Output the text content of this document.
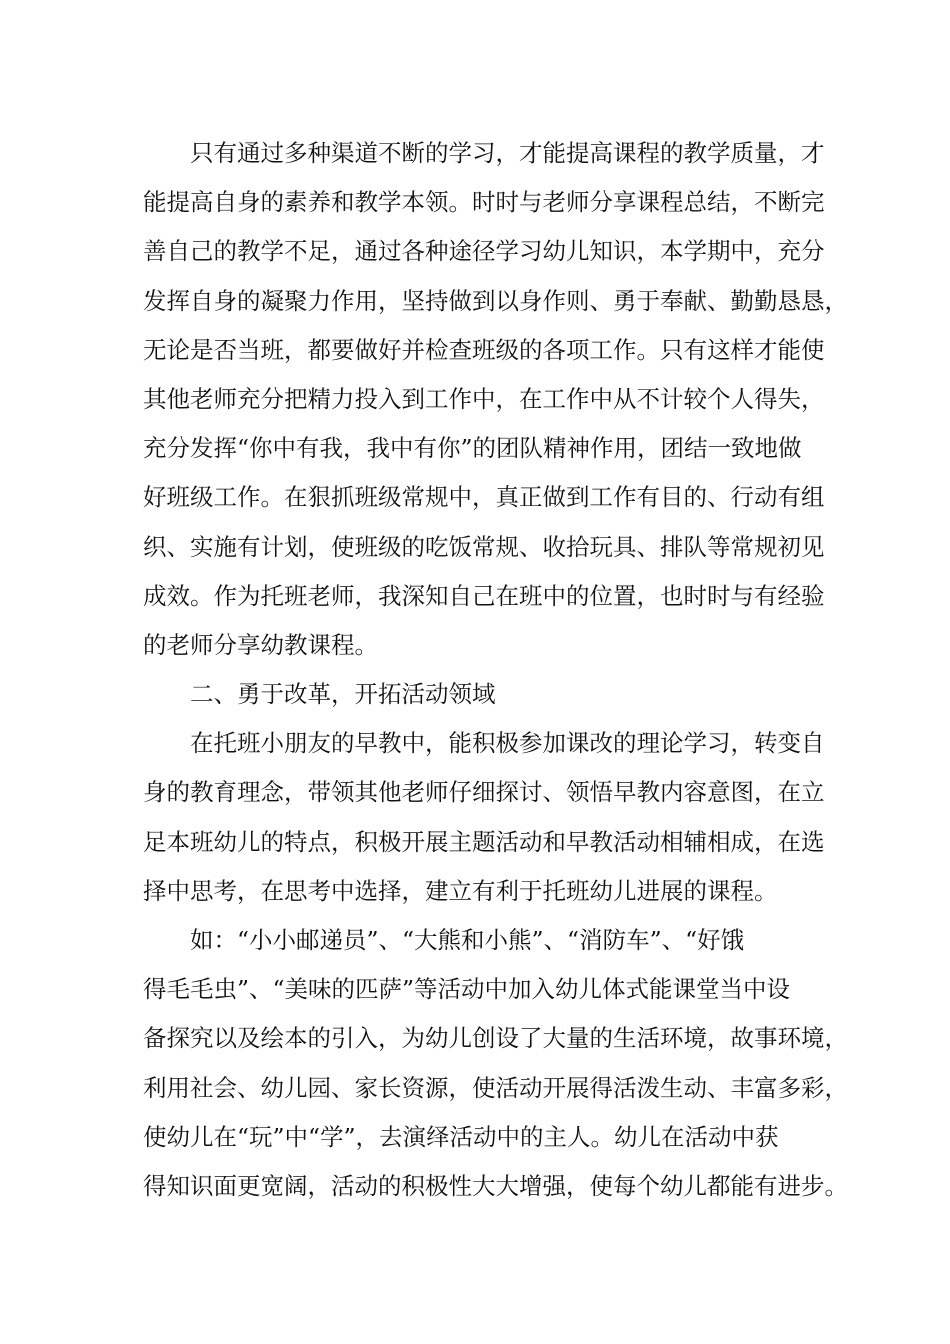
只有通过多种渠道不断的学习，才能提高课程的教学质量，才
能提高自身的素养和教学本领。时时与老师分享课程总结，不断完
善自己的教学不足，通过各种途径学习幼儿知识，本学期中，充分
发挥自身的凝聚力作用，坚持做到以身作则、勇于奉献、勤勤恳恳，
无论是否当班，都要做好并检查班级的各项工作。只有这样才能使
其他老师充分把精力投入到工作中，在工作中从不计较个人得失，
充分发挥“你中有我，我中有你”的团队精神作用，团结一致地做
好班级工作。在狠抓班级常规中，真正做到工作有目的、行动有组
织、实施有计划，使班级的吃饭常规、收拾玩具、排队等常规初见
成效。作为托班老师，我深知自己在班中的位置，也时时与有经验
的老师分享幼教课程。
二、勇于改革，开拓活动领域
在托班小朋友的早教中，能积极参加课改的理论学习，转变自
身的教育理念，带领其他老师仔细探讨、领悟早教内容意图，在立
足本班幼儿的特点，积极开展主题活动和早教活动相辅相成，在选
择中思考，在思考中选择，建立有利于托班幼儿进展的课程。
如：“小小邮递员”、“大熊和小熊”、“消防车”、“好饿
得毛毛虫”、“美味的匹萨”等活动中加入幼儿体式能课堂当中设
备探究以及绘本的引入，为幼儿创设了大量的生活环境，故事环境，
利用社会、幼儿园、家长资源，使活动开展得活泼生动、丰富多彩，
使幼儿在“玩”中“学”，去演绎活动中的主人。幼儿在活动中获
得知识面更宽阔，活动的积极性大大增强，使每个幼儿都能有进步。
